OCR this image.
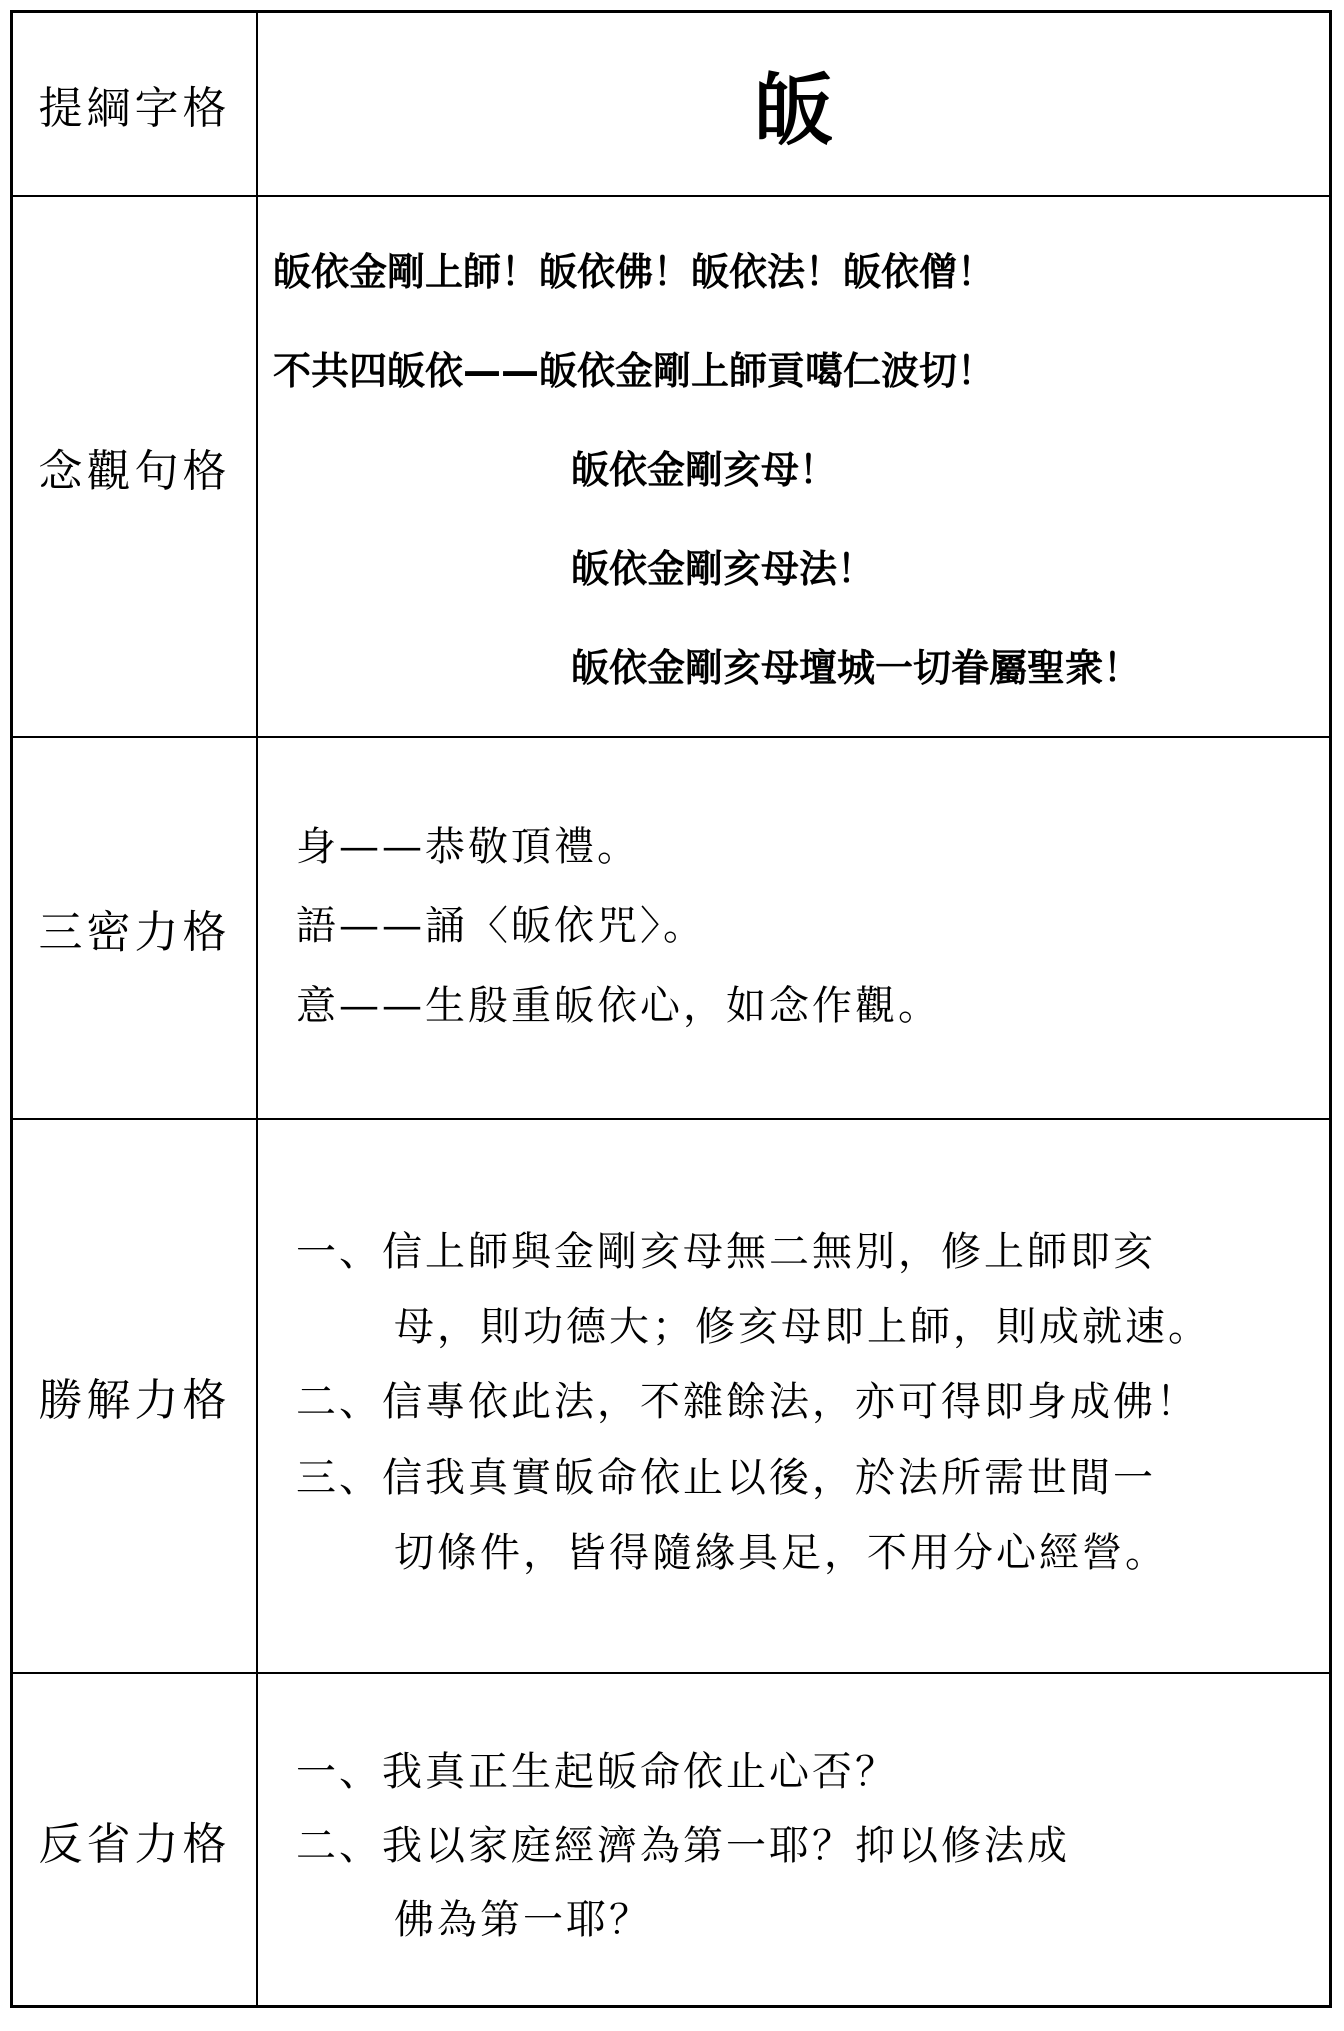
提綱字格	皈
念觀句格
皈依金剛上師！皈依佛！皈依法！皈依僧！
不共四皈依——皈依金剛上師貢噶仁波切！
皈依金剛亥母！
皈依金剛亥母法！
皈依金剛亥母壇城一切眷屬聖衆！
三密力格
身——恭敬頂禮。
語——誦〈皈依咒〉。
意——生殷重皈依心，如念作觀。
勝解力格
一、信上師與金剛亥母無二無別，修上師即亥
母，則功德大；修亥母即上師，則成就速。
二、信專依此法，不雜餘法，亦可得即身成佛！
三、信我真實皈命依止以後，於法所需世間一
切條件，皆得隨緣具足，不用分心經營。
反省力格
一、我真正生起皈命依止心否？
二、我以家庭經濟為第一耶？抑以修法成
佛為第一耶？
